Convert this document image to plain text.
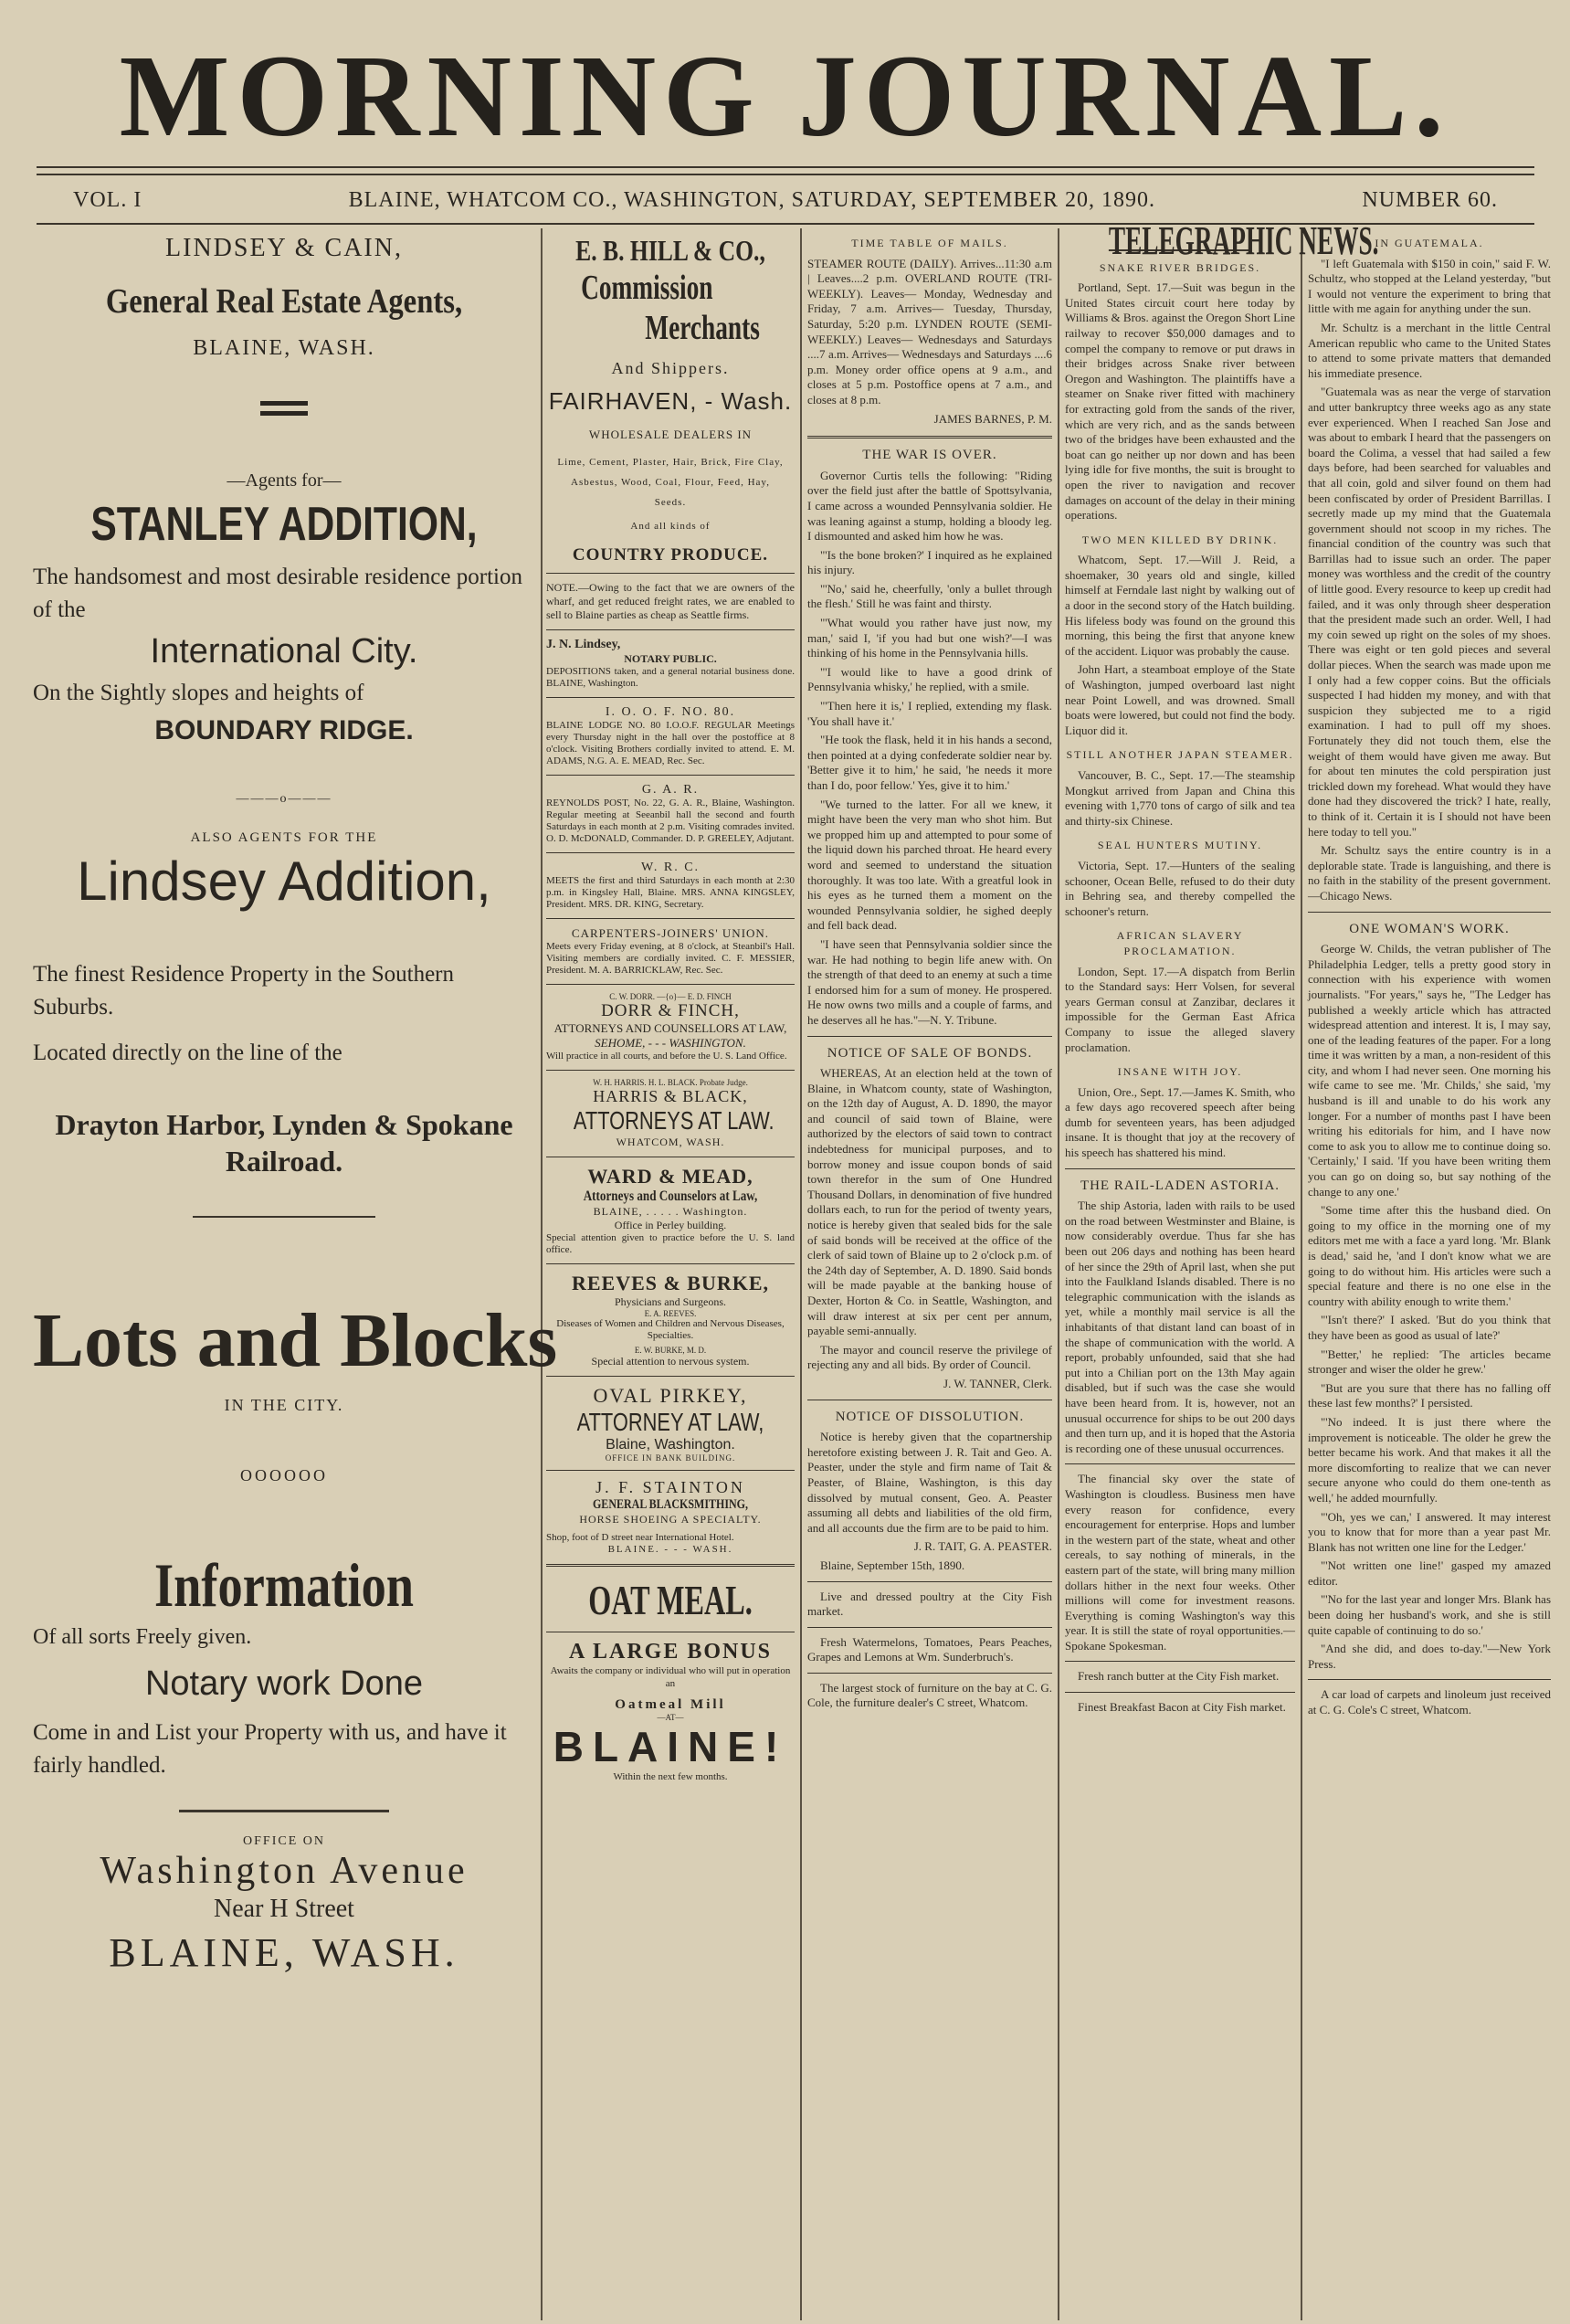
MORNING JOURNAL.
VOL. I	BLAINE, WHATCOM CO., WASHINGTON, SATURDAY, SEPTEMBER 20, 1890.	NUMBER 60.
LINDSEY & CAIN,
General Real Estate Agents,
BLAINE, WASH.
—Agents for—
STANLEY ADDITION,
The handsomest and most desirable residence portion of the
International City.
On the Sightly slopes and heights of
BOUNDARY RIDGE.
———o———
ALSO AGENTS FOR THE
Lindsey Addition,
The finest Residence Property in the Southern Suburbs.
Located directly on the line of the
Drayton Harbor, Lynden & Spokane Railroad.
Lots and Blocks
IN THE CITY.
OOOOOO
Information
Of all sorts Freely given.
Notary work Done
Come in and List your Property with us, and have it fairly handled.
OFFICE ON
Washington Avenue
Near H Street
BLAINE, WASH.
E. B. HILL & CO.,
Commission
Merchants
And Shippers.
FAIRHAVEN, - Wash.
WHOLESALE DEALERS IN
Lime, Cement, Plaster, Hair, Brick, Fire Clay, Asbestus, Wood, Coal, Flour, Feed, Hay, Seeds.
And all kinds of
COUNTRY PRODUCE.
NOTE.—Owing to the fact that we are owners of the wharf, and get reduced freight rates, we are enabled to sell to Blaine parties as cheap as Seattle firms.
J. N. Lindsey,
NOTARY PUBLIC.
DEPOSITIONS taken, and a general notarial business done. BLAINE, Washington.
I. O. O. F. NO. 80.
BLAINE LODGE NO. 80 I.O.O.F. REGULAR Meetings every Thursday night in the hall over the postoffice at 8 o'clock. Visiting Brothers cordially invited to attend. E. M. ADAMS, N.G. A. E. MEAD, Rec. Sec.
G. A. R.
REYNOLDS POST, No. 22, G. A. R., Blaine, Washington. Regular meeting at Seeanbil hall the second and fourth Saturdays in each month at 2 p.m. Visiting comrades invited. O. D. McDONALD, Commander. D. P. GREELEY, Adjutant.
W. R. C.
MEETS the first and third Saturdays in each month at 2:30 p.m. in Kingsley Hall, Blaine. MRS. ANNA KINGSLEY, President. MRS. DR. KING, Secretary.
CARPENTERS-JOINERS' UNION.
Meets every Friday evening, at 8 o'clock, at Steanbil's Hall. Visiting members are cordially invited. C. F. MESSIER, President. M. A. BARRICKLAW, Rec. Sec.
C. W. DORR. —{o}— E. D. FINCH
DORR & FINCH,
ATTORNEYS AND COUNSELLORS AT LAW,
SEHOME, - - - WASHINGTON.
Will practice in all courts, and before the U. S. Land Office.
W. H. HARRIS. H. L. BLACK. Probate Judge.
HARRIS & BLACK,
ATTORNEYS AT LAW.
WHATCOM, WASH.
WARD & MEAD,
Attorneys and Counselors at Law,
BLAINE, . . . . . Washington.
Office in Perley building.
Special attention given to practice before the U. S. land office.
REEVES & BURKE,
Physicians and Surgeons.
E. A. REEVES.
Diseases of Women and Children and Nervous Diseases, Specialties.
E. W. BURKE, M. D.
Special attention to nervous system.
OVAL PIRKEY,
ATTORNEY AT LAW,
Blaine, Washington.
OFFICE IN BANK BUILDING.
J. F. STAINTON
GENERAL BLACKSMITHING,
HORSE SHOEING A SPECIALTY.
Shop, foot of D street near International Hotel.
BLAINE. - - - WASH.
OAT MEAL.
A LARGE BONUS
Awaits the company or individual who will put in operation an
Oatmeal Mill
—AT—
BLAINE!
Within the next few months.
TIME TABLE OF MAILS.

STEAMER ROUTE (DAILY). Arrives...11:30 a.m | Leaves....2 p.m. OVERLAND ROUTE (TRI-WEEKLY). Leaves— Monday, Wednesday and Friday, 7 a.m. Arrives— Tuesday, Thursday, Saturday, 5:20 p.m. LYNDEN ROUTE (SEMI-WEEKLY.) Leaves— Wednesdays and Saturdays ....7 a.m. Arrives— Wednesdays and Saturdays ....6 p.m. Money order office opens at 9 a.m., and closes at 5 p.m. Postoffice opens at 7 a.m., and closes at 8 p.m.

JAMES BARNES, P. M.

THE WAR IS OVER.

Governor Curtis tells the following: "Riding over the field just after the battle of Spottsylvania, I came across a wounded Pennsylvania soldier. He was leaning against a stump, holding a bloody leg. I dismounted and asked him how he was.

"'Is the bone broken?' I inquired as he explained his injury.

"'No,' said he, cheerfully, 'only a bullet through the flesh.' Still he was faint and thirsty.

"'What would you rather have just now, my man,' said I, 'if you had but one wish?'—I was thinking of his home in the Pennsylvania hills.

"'I would like to have a good drink of Pennsylvania whisky,' he replied, with a smile.

"'Then here it is,' I replied, extending my flask. 'You shall have it.'

"He took the flask, held it in his hands a second, then pointed at a dying confederate soldier near by. 'Better give it to him,' he said, 'he needs it more than I do, poor fellow.' Yes, give it to him.'

"We turned to the latter. For all we knew, it might have been the very man who shot him. But we propped him up and attempted to pour some of the liquid down his parched throat. He heard every word and seemed to understand the situation thoroughly. It was too late. With a greatful look in his eyes as he turned them a moment on the wounded Pennsylvania soldier, he sighed deeply and fell back dead.

"I have seen that Pennsylvania soldier since the war. He had nothing to begin life anew with. On the strength of that deed to an enemy at such a time I endorsed him for a sum of money. He prospered. He now owns two mills and a couple of farms, and he deserves all he has."—N. Y. Tribune.

NOTICE OF SALE OF BONDS.

WHEREAS, At an election held at the town of Blaine, in Whatcom county, state of Washington, on the 12th day of August, A. D. 1890, the mayor and council of said town of Blaine, were authorized by the electors of said town to contract indebtedness for municipal purposes, and to borrow money and issue coupon bonds of said town therefor in the sum of One Hundred Thousand Dollars, in denomination of five hundred dollars each, to run for the period of twenty years, notice is hereby given that sealed bids for the sale of said bonds will be received at the office of the clerk of said town of Blaine up to 2 o'clock p.m. of the 24th day of September, A. D. 1890. Said bonds will be made payable at the banking house of Dexter, Horton & Co. in Seattle, Washington, and will draw interest at six per cent per annum, payable semi-annually.

The mayor and council reserve the privilege of rejecting any and all bids. By order of Council.

J. W. TANNER, Clerk.

NOTICE OF DISSOLUTION.

Notice is hereby given that the copartnership heretofore existing between J. R. Tait and Geo. A. Peaster, under the style and firm name of Tait & Peaster, of Blaine, Washington, is this day dissolved by mutual consent, Geo. A. Peaster assuming all debts and liabilities of the old firm, and all accounts due the firm are to be paid to him.

J. R. TAIT, G. A. PEASTER.

Blaine, September 15th, 1890.

Live and dressed poultry at the City Fish market.

Fresh Watermelons, Tomatoes, Pears Peaches, Grapes and Lemons at Wm. Sunderbruch's.

The largest stock of furniture on the bay at C. G. Cole, the furniture dealer's C street, Whatcom.

TELEGRAPHIC NEWS.
SNAKE RIVER BRIDGES.

Portland, Sept. 17.—Suit was begun in the United States circuit court here today by Williams & Bros. against the Oregon Short Line railway to recover $50,000 damages and to compel the company to remove or put draws in their bridges across Snake river between Oregon and Washington. The plaintiffs have a steamer on Snake river fitted with machinery for extracting gold from the sands of the river, which are very rich, and as the sands between two of the bridges have been exhausted and the boat can go neither up nor down and has been lying idle for five months, the suit is brought to open the river to navigation and recover damages on account of the delay in their mining operations.

TWO MEN KILLED BY DRINK.

Whatcom, Sept. 17.—Will J. Reid, a shoemaker, 30 years old and single, killed himself at Ferndale last night by walking out of a door in the second story of the Hatch building. His lifeless body was found on the ground this morning, this being the first that anyone knew of the accident. Liquor was probably the cause.

John Hart, a steamboat employe of the State of Washington, jumped overboard last night near Point Lowell, and was drowned. Small boats were lowered, but could not find the body. Liquor did it.

STILL ANOTHER JAPAN STEAMER.

Vancouver, B. C., Sept. 17.—The steamship Mongkut arrived from Japan and China this evening with 1,770 tons of cargo of silk and tea and thirty-six Chinese.

SEAL HUNTERS MUTINY.

Victoria, Sept. 17.—Hunters of the sealing schooner, Ocean Belle, refused to do their duty in Behring sea, and thereby compelled the schooner's return.

AFRICAN SLAVERY PROCLAMATION.

London, Sept. 17.—A dispatch from Berlin to the Standard says: Herr Volsen, for several years German consul at Zanzibar, declares it impossible for the German East Africa Company to issue the alleged slavery proclamation.

INSANE WITH JOY.

Union, Ore., Sept. 17.—James K. Smith, who a few days ago recovered speech after being dumb for seventeen years, has been adjudged insane. It is thought that joy at the recovery of his speech has shattered his mind.

THE RAIL-LADEN ASTORIA.

The ship Astoria, laden with rails to be used on the road between Westminster and Blaine, is now considerably overdue. Thus far she has been out 206 days and nothing has been heard of her since the 29th of April last, when she put into the Faulkland Islands disabled. There is no telegraphic communication with the islands as yet, while a monthly mail service is all the inhabitants of that distant land can boast of in the shape of communication with the world. A report, probably unfounded, said that she had put into a Chilian port on the 13th May again disabled, but if such was the case she would have been heard from. It is, however, not an unusual occurrence for ships to be out 200 days and then turn up, and it is hoped that the Astoria is recording one of these unusual occurrences.

The financial sky over the state of Washington is cloudless. Business men have every reason for confidence, every encouragement for enterprise. Hops and lumber in the western part of the state, wheat and other cereals, to say nothing of minerals, in the eastern part of the state, will bring many million dollars hither in the next four weeks. Other millions will come for investment reasons. Everything is coming Washington's way this year. It is still the state of royal opportunities.—Spokane Spokesman.

Fresh ranch butter at the City Fish market.

Finest Breakfast Bacon at City Fish market.

IN GUATEMALA.

"I left Guatemala with $150 in coin," said F. W. Schultz, who stopped at the Leland yesterday, "but I would not venture the experiment to bring that little with me again for anything under the sun.

Mr. Schultz is a merchant in the little Central American republic who came to the United States to attend to some private matters that demanded his immediate presence.

"Guatemala was as near the verge of starvation and utter bankruptcy three weeks ago as any state ever experienced. When I reached San Jose and was about to embark I heard that the passengers on board the Colima, a vessel that had sailed a few days before, had been searched for valuables and that all coin, gold and silver found on them had been confiscated by order of President Barrillas. I secretly made up my mind that the Guatemala government should not scoop in my riches. The financial condition of the country was such that Barrillas had to issue such an order. The paper money was worthless and the credit of the country of little good. Every resource to keep up credit had failed, and it was only through sheer desperation that the president made such an order. Well, I had my coin sewed up right on the soles of my shoes. There was eight or ten gold pieces and several dollar pieces. When the search was made upon me I only had a few copper coins. But the officials suspected I had hidden my money, and with that suspicion they subjected me to a rigid examination. I had to pull off my shoes. Fortunately they did not touch them, else the weight of them would have given me away. But for about ten minutes the cold perspiration just trickled down my forehead. What would they have done had they discovered the trick? I hate, really, to think of it. Certain it is I should not have been here today to tell you."

Mr. Schultz says the entire country is in a deplorable state. Trade is languishing, and there is no faith in the stability of the present government.—Chicago News.

ONE WOMAN'S WORK.

George W. Childs, the vetran publisher of The Philadelphia Ledger, tells a pretty good story in connection with his experience with women journalists. "For years," says he, "The Ledger has published a weekly article which has attracted widespread attention and interest. It is, I may say, one of the leading features of the paper. For a long time it was written by a man, a non-resident of this city, and whom I had never seen. One morning his wife came to see me. 'Mr. Childs,' she said, 'my husband is ill and unable to do his work any longer. For a number of months past I have been writing his editorials for him, and I have now come to ask you to allow me to continue doing so. 'Certainly,' I said. 'If you have been writing them you can go on doing so, but say nothing of the change to any one.'

"Some time after this the husband died. On going to my office in the morning one of my editors met me with a face a yard long. 'Mr. Blank is dead,' said he, 'and I don't know what we are going to do without him. His articles were such a special feature and there is no one else in the country with ability enough to write them.'

"'Isn't there?' I asked. 'But do you think that they have been as good as usual of late?'

"'Better,' he replied: 'The articles became stronger and wiser the older he grew.'

"But are you sure that there has no falling off these last few months?' I persisted.

"'No indeed. It is just there where the improvement is noticeable. The older he grew the better became his work. And that makes it all the more discomforting to realize that we can never secure anyone who could do them one-tenth as well,' he added mournfully.

"'Oh, yes we can,' I answered. It may interest you to know that for more than a year past Mr. Blank has not written one line for the Ledger.'

"'Not written one line!' gasped my amazed editor.

"'No for the last year and longer Mrs. Blank has been doing her husband's work, and she is still quite capable of continuing to do so.'

"And she did, and does to-day."—New York Press.

A car load of carpets and linoleum just received at C. G. Cole's C street, Whatcom.
